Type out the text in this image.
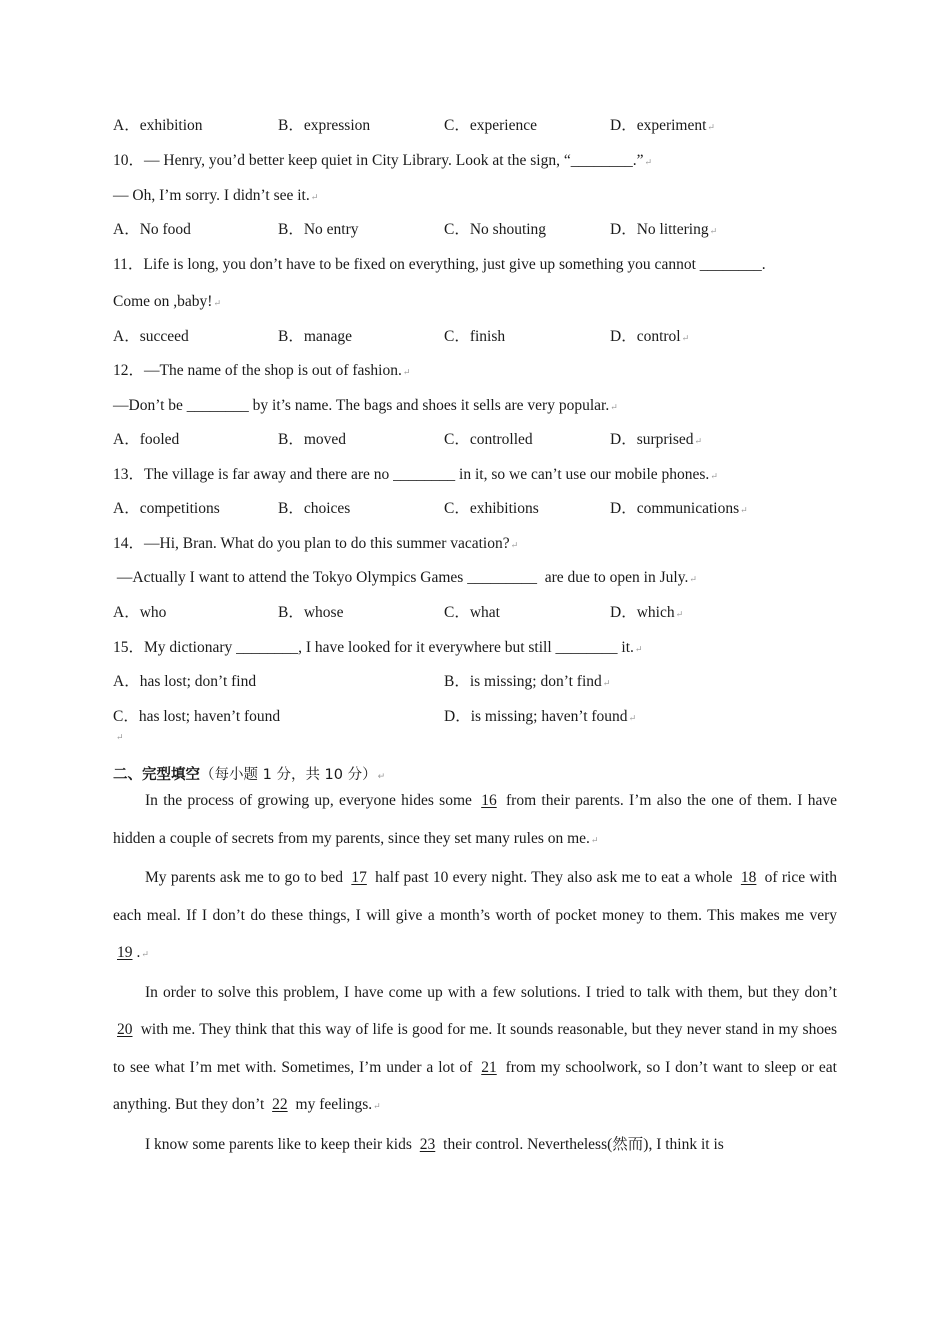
A．exhibition	B．expression	C．experience	D．experiment↵
10．— Henry, you’d better keep quiet in City Library. Look at the sign, “________.”↵
— Oh, I’m sorry. I didn’t see it.↵
A．No food	B．No entry	C．No shouting	D．No littering↵
11．Life is long, you don’t have to be fixed on everything, just give up something you cannot ________.
Come on ,baby!↵
A．succeed	B．manage	C．finish	D．control↵
12．—The name of the shop is out of fashion.↵
—Don’t be ________ by it’s name. The bags and shoes it sells are very popular.↵
A．fooled	B．moved	C．controlled	D．surprised↵
13．The village is far away and there are no ________ in it, so we can’t use our mobile phones.↵
A．competitions	B．choices	C．exhibitions	D．communications↵
14．—Hi, Bran. What do you plan to do this summer vacation?↵
—Actually I want to attend the Tokyo Olympics Games _________  are due to open in July.↵
A．who	B．whose	C．what	D．which↵
15．My dictionary ________, I have looked for it everywhere but still ________ it.↵
A．has lost; don’t find	B．is missing; don’t find↵
C．has lost; haven’t found	D．is missing; haven’t found↵
↵
二、完型填空（每小题 1 分，共 10 分）↵

In the process of growing up, everyone hides some 16 from their parents. I’m also the one of them. I have hidden a couple of secrets from my parents, since they set many rules on me.↵

My parents ask me to go to bed 17 half past 10 every night. They also ask me to eat a whole 18 of rice with each meal. If I don’t do these things, I will give a month’s worth of pocket money to them. This makes me very 19 .↵

In order to solve this problem, I have come up with a few solutions. I tried to talk with them, but they don’t 20 with me. They think that this way of life is good for me. It sounds reasonable, but they never stand in my shoes to see what I’m met with. Sometimes, I’m under a lot of 21 from my schoolwork, so I don’t want to sleep or eat anything. But they don’t 22 my feelings.↵

I know some parents like to keep their kids 23 their control. Nevertheless(然而), I think it is
